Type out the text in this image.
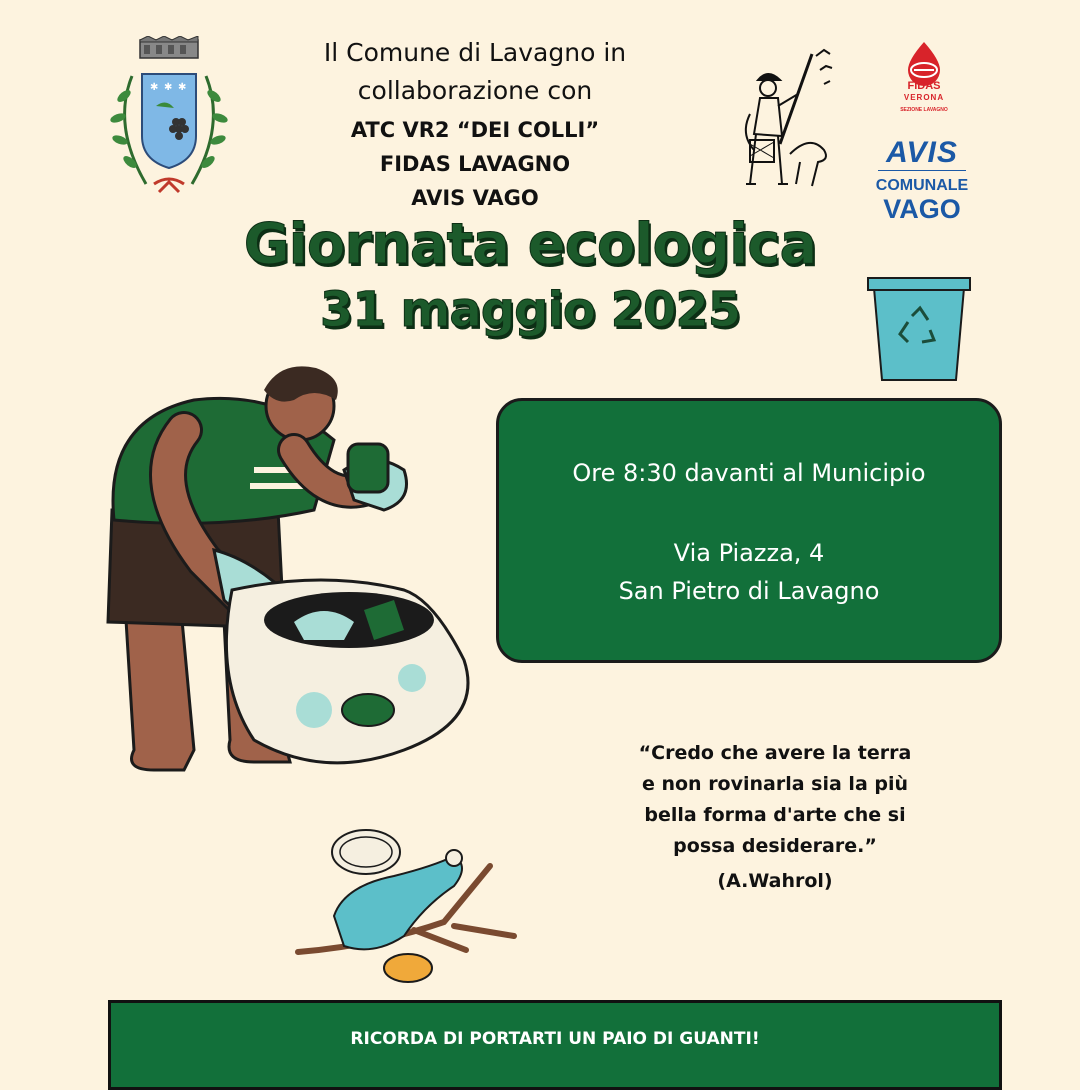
✱ ✱ ✱
Il Comune di Lavagno in
collaborazione con
ATC VR2 “DEI COLLI”
FIDAS LAVAGNO
AVIS VAGO
FIDAS
VERONA
SEZIONE LAVAGNO
AVIS
COMUNALE
VAGO
Giornata ecologica
31 maggio 2025
Ore 8:30 davanti al Municipio
Via Piazza, 4
San Pietro di Lavagno
“Credo che avere la terra
e non rovinarla sia la più
bella forma d'arte che si
possa desiderare.”
(A.Wahrol)
RICORDA DI PORTARTI UN PAIO DI GUANTI!
